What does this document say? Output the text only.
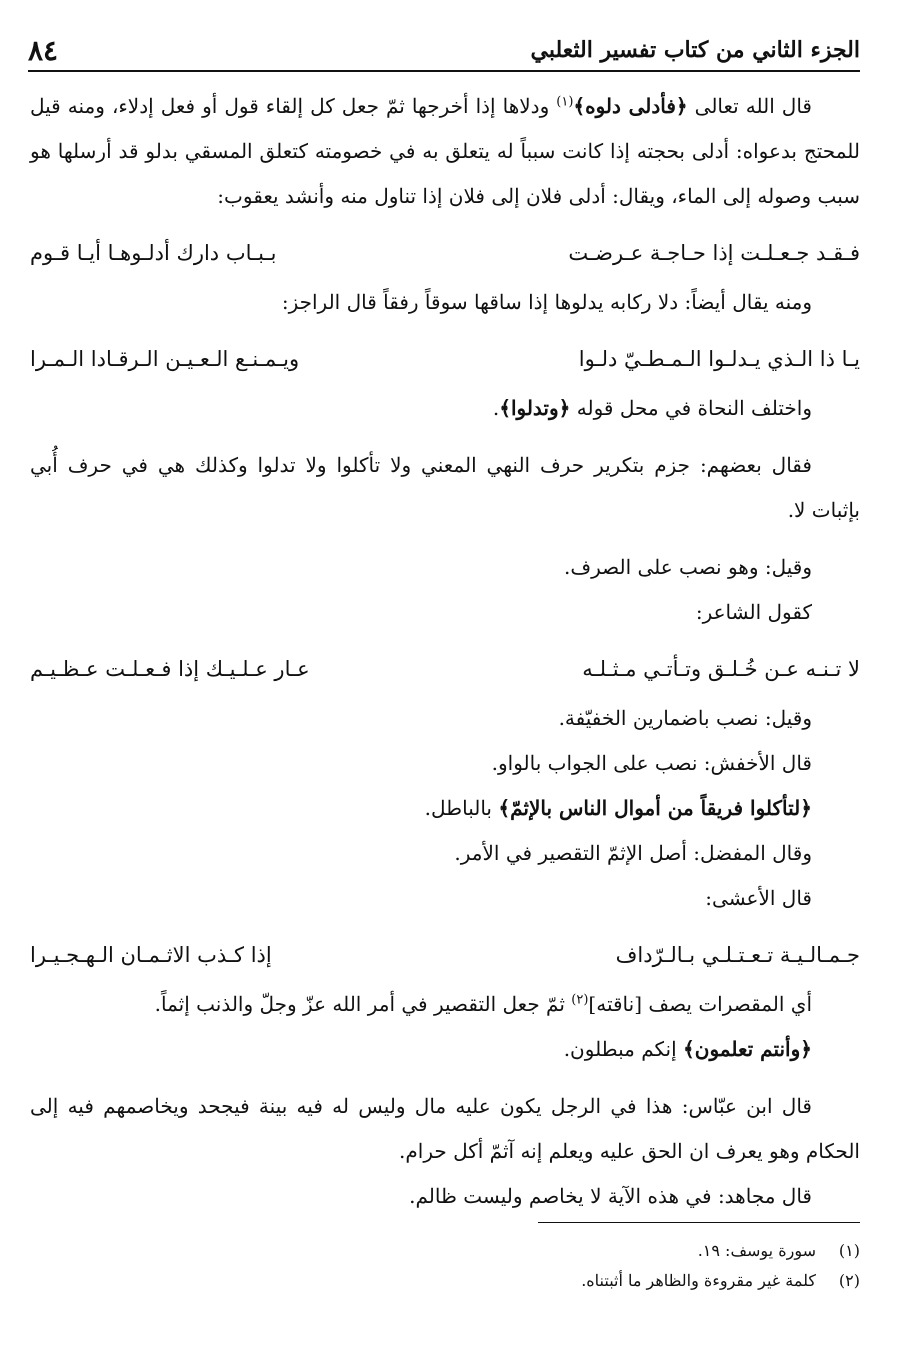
الجزء الثاني من كتاب تفسير الثعلبي
٨٤

قال الله تعالى ﴿فأدلى دلوه﴾$^{(١)}$ ودلاها إذا أخرجها ثمّ جعل كل إلقاء قول أو فعل إدلاء، ومنه قيل للمحتج بدعواه: أدلى بحجته إذا كانت سبباً له يتعلق به في خصومته كتعلق المسقي بدلو قد أرسلها هو سبب وصوله إلى الماء، ويقال: أدلى فلان إلى فلان إذا تناول منه وأنشد يعقوب:

فـقـد جـعـلـت إذا حـاجـة عـرضـت
بـبـاب دارك أدلـوهـا أيـا قـوم

ومنه يقال أيضاً: دلا ركابه يدلوها إذا ساقها سوقاً رفقاً قال الراجز:

يـا ذا الـذي يـدلـوا الـمـطـيّ دلـوا
ويـمـنـع الـعـيـن الـرقـادا الـمـرا

واختلف النحاة في محل قوله ﴿وتدلوا﴾.

فقال بعضهم: جزم بتكرير حرف النهي المعني ولا تأكلوا ولا تدلوا وكذلك هي في حرف أُبي بإثبات لا.

وقيل: وهو نصب على الصرف.

كقول الشاعر:

لا تـنـه عـن خُـلـق وتـأتـي مـثـلـه
عـار عـلـيـك إذا فـعـلـت عـظـيـم

وقيل: نصب باضمارين الخفيّفة.

قال الأخفش: نصب على الجواب بالواو.

﴿لتأكلوا فريقاً من أموال الناس بالإثمّ﴾ بالباطل.

وقال المفضل: أصل الإثمّ التقصير في الأمر.

قال الأعشى:

جـمـالـيـة تـعـتـلـي بـالـرّداف
إذا كـذب الاثـمـان الـهـجـيـرا

أي المقصرات يصف [ناقته]$^{(٢)}$ ثمّ جعل التقصير في أمر الله عزّ وجلّ والذنب إثماً.

﴿وأنتم تعلمون﴾ إنكم مبطلون.

قال ابن عبّاس: هذا في الرجل يكون عليه مال وليس له فيه بينة فيجحد ويخاصمهم فيه إلى الحكام وهو يعرف ان الحق عليه ويعلم إنه آثمّ أكل حرام.

قال مجاهد: في هذه الآية لا يخاصم وليست ظالم.

(١)
سورة يوسف: ١٩.
(٢)
كلمة غير مقروءة والظاهر ما أثبتناه.
